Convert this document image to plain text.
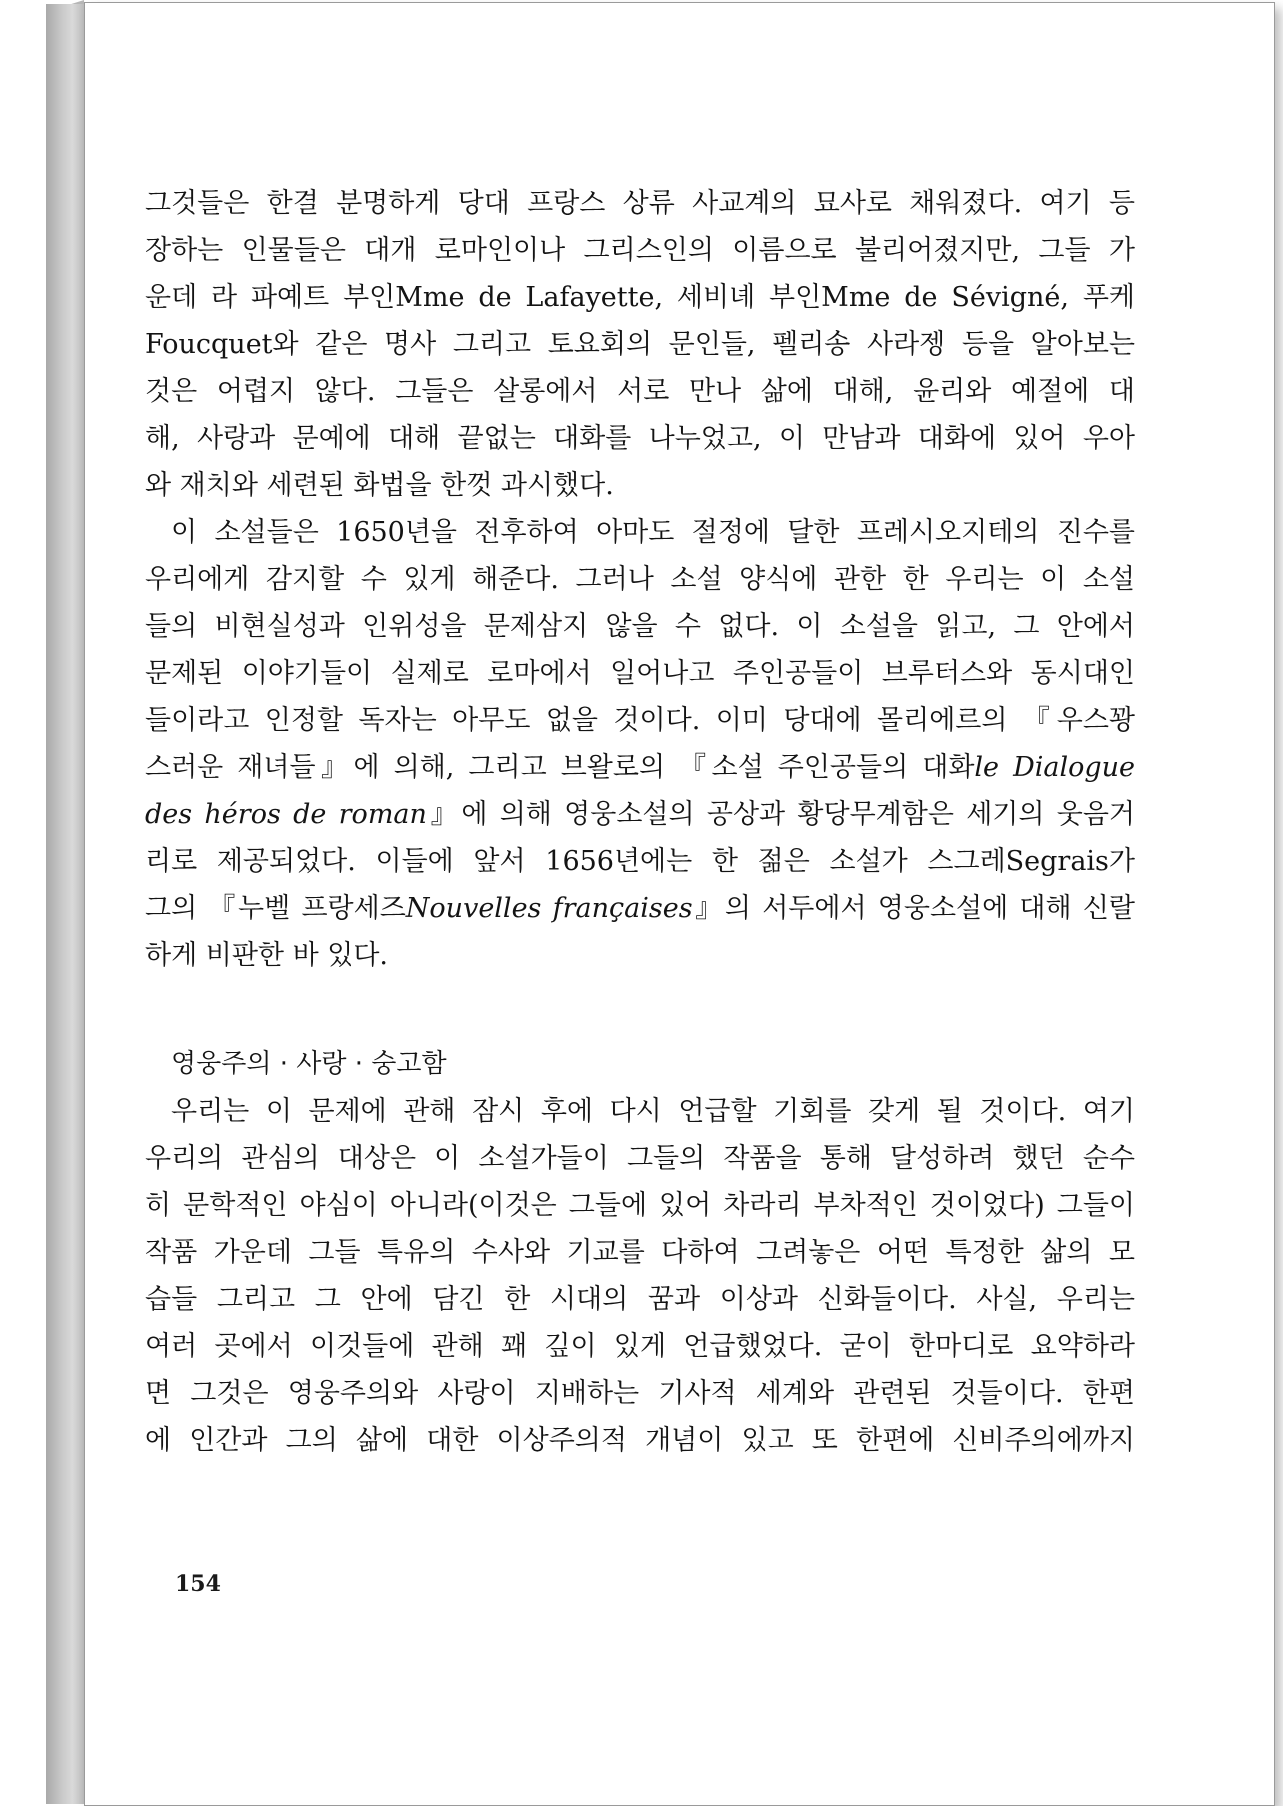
그것들은 한결 분명하게 당대 프랑스 상류 사교계의 묘사로 채워졌다. 여기 등
장하는 인물들은 대개 로마인이나 그리스인의 이름으로 불리어졌지만, 그들 가
운데 라 파예트 부인Mme de Lafayette, 세비녜 부인Mme de Sévigné, 푸케
Foucquet와 같은 명사 그리고 토요회의 문인들, 펠리송 사라젱 등을 알아보는
것은 어렵지 않다. 그들은 살롱에서 서로 만나 삶에 대해, 윤리와 예절에 대
해, 사랑과 문예에 대해 끝없는 대화를 나누었고, 이 만남과 대화에 있어 우아
와 재치와 세련된 화법을 한껏 과시했다.
이 소설들은 1650년을 전후하여 아마도 절정에 달한 프레시오지테의 진수를
우리에게 감지할 수 있게 해준다. 그러나 소설 양식에 관한 한 우리는 이 소설
들의 비현실성과 인위성을 문제삼지 않을 수 없다. 이 소설을 읽고, 그 안에서
문제된 이야기들이 실제로 로마에서 일어나고 주인공들이 브루터스와 동시대인
들이라고 인정할 독자는 아무도 없을 것이다. 이미 당대에 몰리에르의 『우스꽝
스러운 재녀들』에 의해, 그리고 브왈로의 『소설 주인공들의 대화le Dialogue
des héros de roman』에 의해 영웅소설의 공상과 황당무계함은 세기의 웃음거
리로 제공되었다. 이들에 앞서 1656년에는 한 젊은 소설가 스그레Segrais가
그의 『누벨 프랑세즈Nouvelles françaises』의 서두에서 영웅소설에 대해 신랄
하게 비판한 바 있다.
영웅주의 · 사랑 · 숭고함
우리는 이 문제에 관해 잠시 후에 다시 언급할 기회를 갖게 될 것이다. 여기
우리의 관심의 대상은 이 소설가들이 그들의 작품을 통해 달성하려 했던 순수
히 문학적인 야심이 아니라(이것은 그들에 있어 차라리 부차적인 것이었다) 그들이
작품 가운데 그들 특유의 수사와 기교를 다하여 그려놓은 어떤 특정한 삶의 모
습들 그리고 그 안에 담긴 한 시대의 꿈과 이상과 신화들이다. 사실, 우리는
여러 곳에서 이것들에 관해 꽤 깊이 있게 언급했었다. 굳이 한마디로 요약하라
면 그것은 영웅주의와 사랑이 지배하는 기사적 세계와 관련된 것들이다. 한편
에 인간과 그의 삶에 대한 이상주의적 개념이 있고 또 한편에 신비주의에까지
154
